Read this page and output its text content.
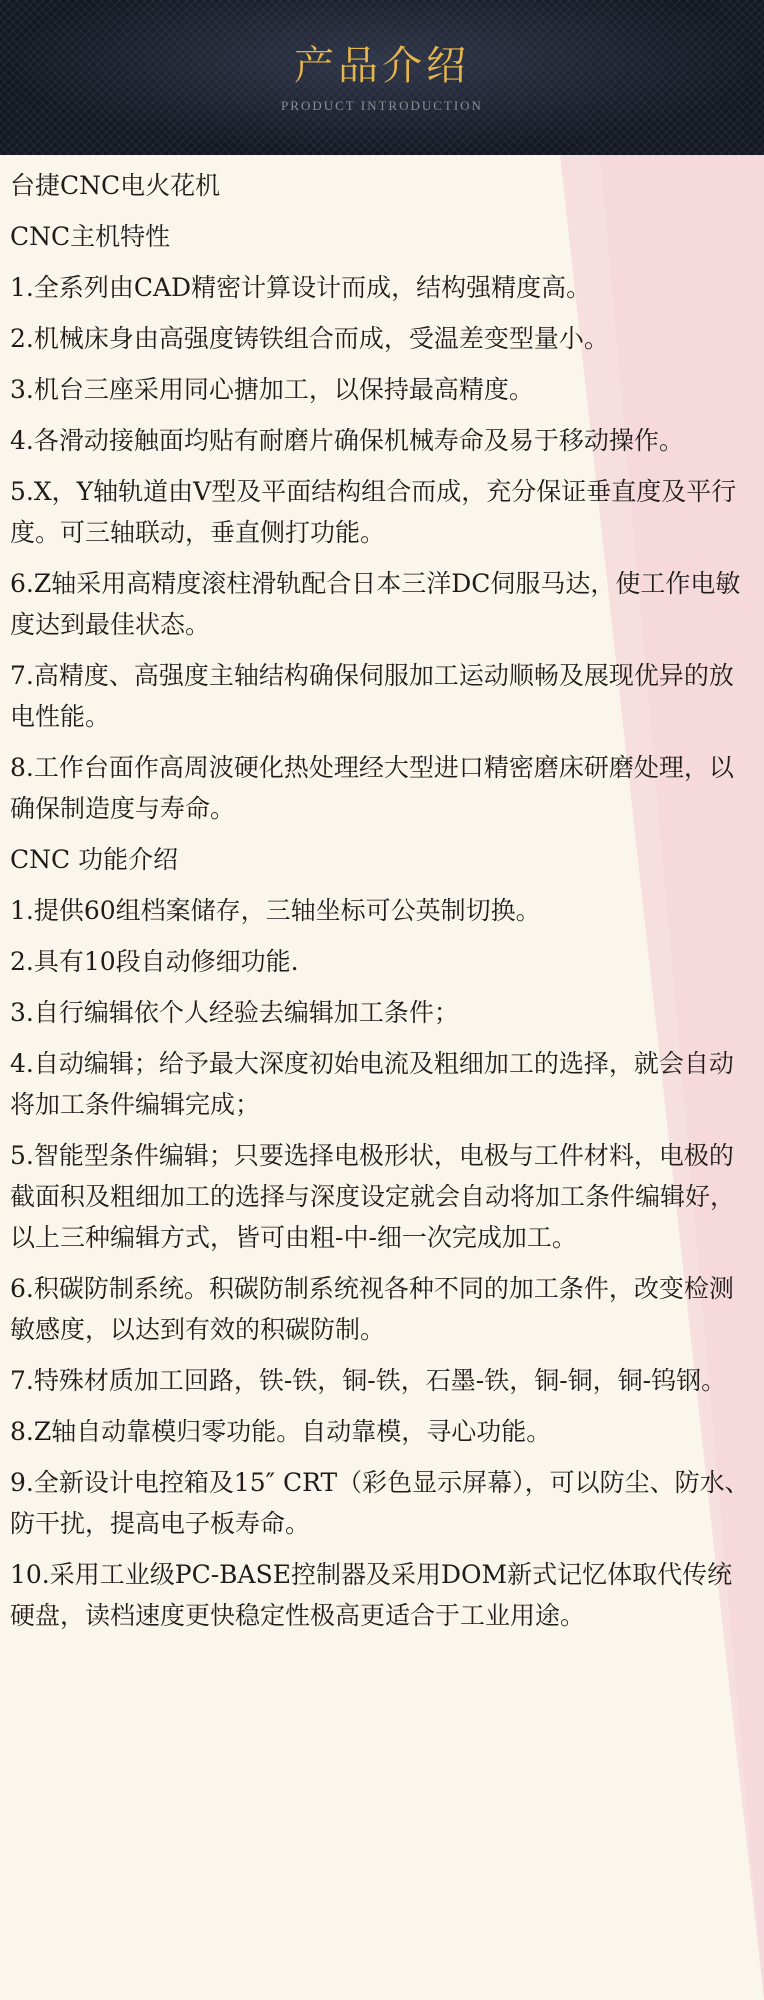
产品介绍
PRODUCT INTRODUCTION

台捷CNC电火花机

CNC主机特性

1.全系列由CAD精密计算设计而成，结构强精度高。

2.机械床身由高强度铸铁组合而成，受温差变型量小。

3.机台三座采用同心搪加工，以保持最高精度。

4.各滑动接触面均贴有耐磨片确保机械寿命及易于移动操作。

5.X，Y轴轨道由V型及平面结构组合而成，充分保证垂直度及平行度。可三轴联动，垂直侧打功能。

6.Z轴采用高精度滚柱滑轨配合日本三洋DC伺服马达，使工作电敏度达到最佳状态。

7.高精度、高强度主轴结构确保伺服加工运动顺畅及展现优异的放电性能。

8.工作台面作高周波硬化热处理经大型进口精密磨床研磨处理，以确保制造度与寿命。

CNC 功能介绍

1.提供60组档案储存，三轴坐标可公英制切换。

2.具有10段自动修细功能.

3.自行编辑依个人经验去编辑加工条件；

4.自动编辑；给予最大深度初始电流及粗细加工的选择，就会自动将加工条件编辑完成；

5.智能型条件编辑；只要选择电极形状，电极与工件材料，电极的截面积及粗细加工的选择与深度设定就会自动将加工条件编辑好，以上三种编辑方式，皆可由粗-中-细一次完成加工。

6.积碳防制系统。积碳防制系统视各种不同的加工条件，改变检测敏感度，以达到有效的积碳防制。

7.特殊材质加工回路，铁-铁，铜-铁，石墨-铁，铜-铜，铜-钨钢。

8.Z轴自动靠模归零功能。自动靠模，寻心功能。

9.全新设计电控箱及15″ CRT（彩色显示屏幕），可以防尘、防水、防干扰，提高电子板寿命。

10.采用工业级PC-BASE控制器及采用DOM新式记忆体取代传统硬盘，读档速度更快稳定性极高更适合于工业用途。
